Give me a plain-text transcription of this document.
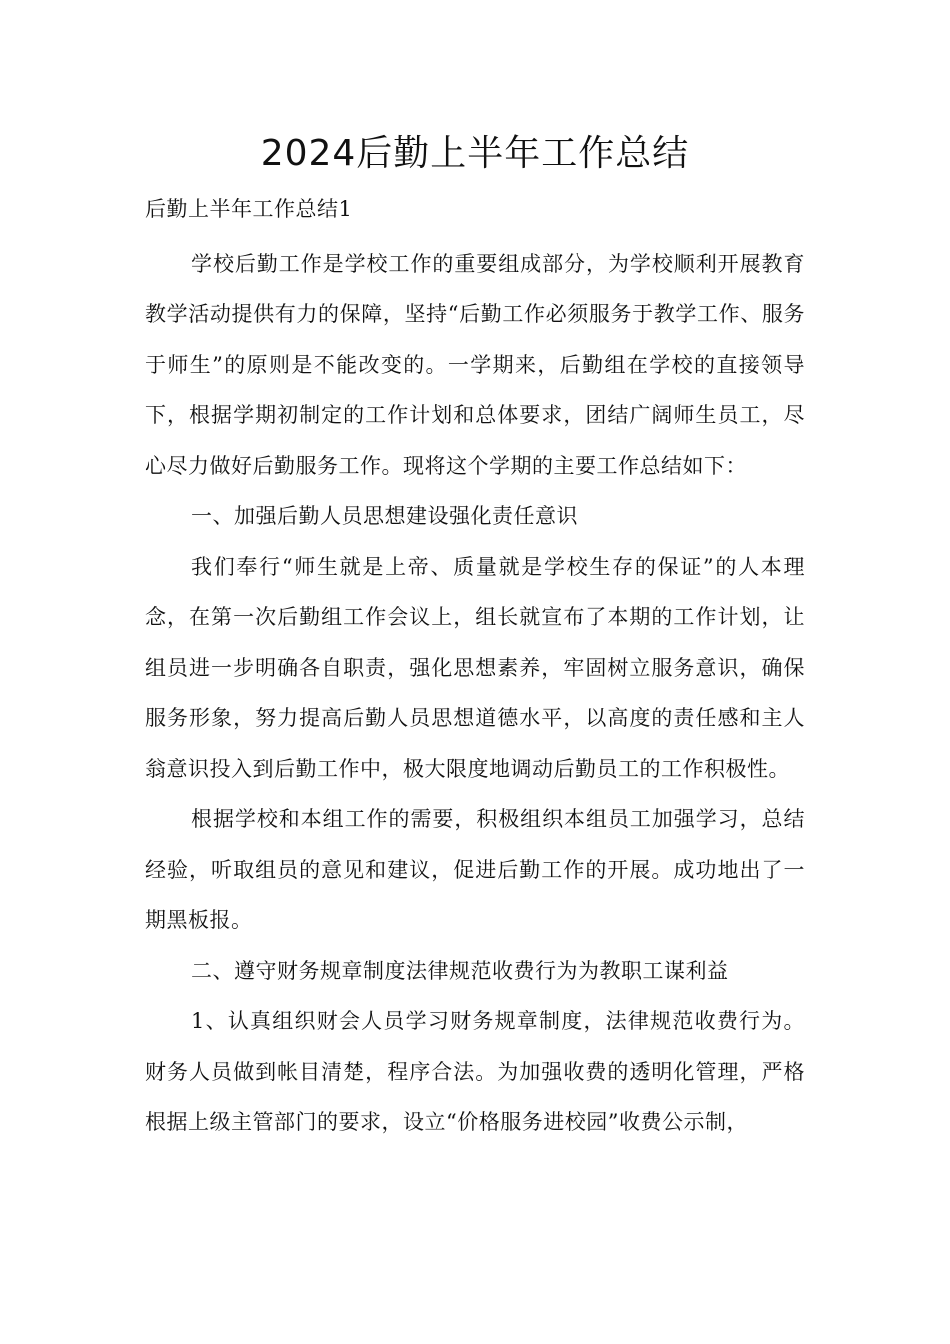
2024后勤上半年工作总结

后勤上半年工作总结1

学校后勤工作是学校工作的重要组成部分，为学校顺利开展教育教学活动提供有力的保障，坚持“后勤工作必须服务于教学工作、服务于师生”的原则是不能改变的。一学期来，后勤组在学校的直接领导下，根据学期初制定的工作计划和总体要求，团结广阔师生员工，尽心尽力做好后勤服务工作。现将这个学期的主要工作总结如下：

一、加强后勤人员思想建设强化责任意识

我们奉行“师生就是上帝、质量就是学校生存的保证”的人本理念，在第一次后勤组工作会议上，组长就宣布了本期的工作计划，让组员进一步明确各自职责，强化思想素养，牢固树立服务意识，确保服务形象，努力提高后勤人员思想道德水平，以高度的责任感和主人翁意识投入到后勤工作中，极大限度地调动后勤员工的工作积极性。

根据学校和本组工作的需要，积极组织本组员工加强学习，总结经验，听取组员的意见和建议，促进后勤工作的开展。成功地出了一期黑板报。

二、遵守财务规章制度法律规范收费行为为教职工谋利益

1、认真组织财会人员学习财务规章制度，法律规范收费行为。财务人员做到帐目清楚，程序合法。为加强收费的透明化管理，严格根据上级主管部门的要求，设立“价格服务进校园”收费公示制，
